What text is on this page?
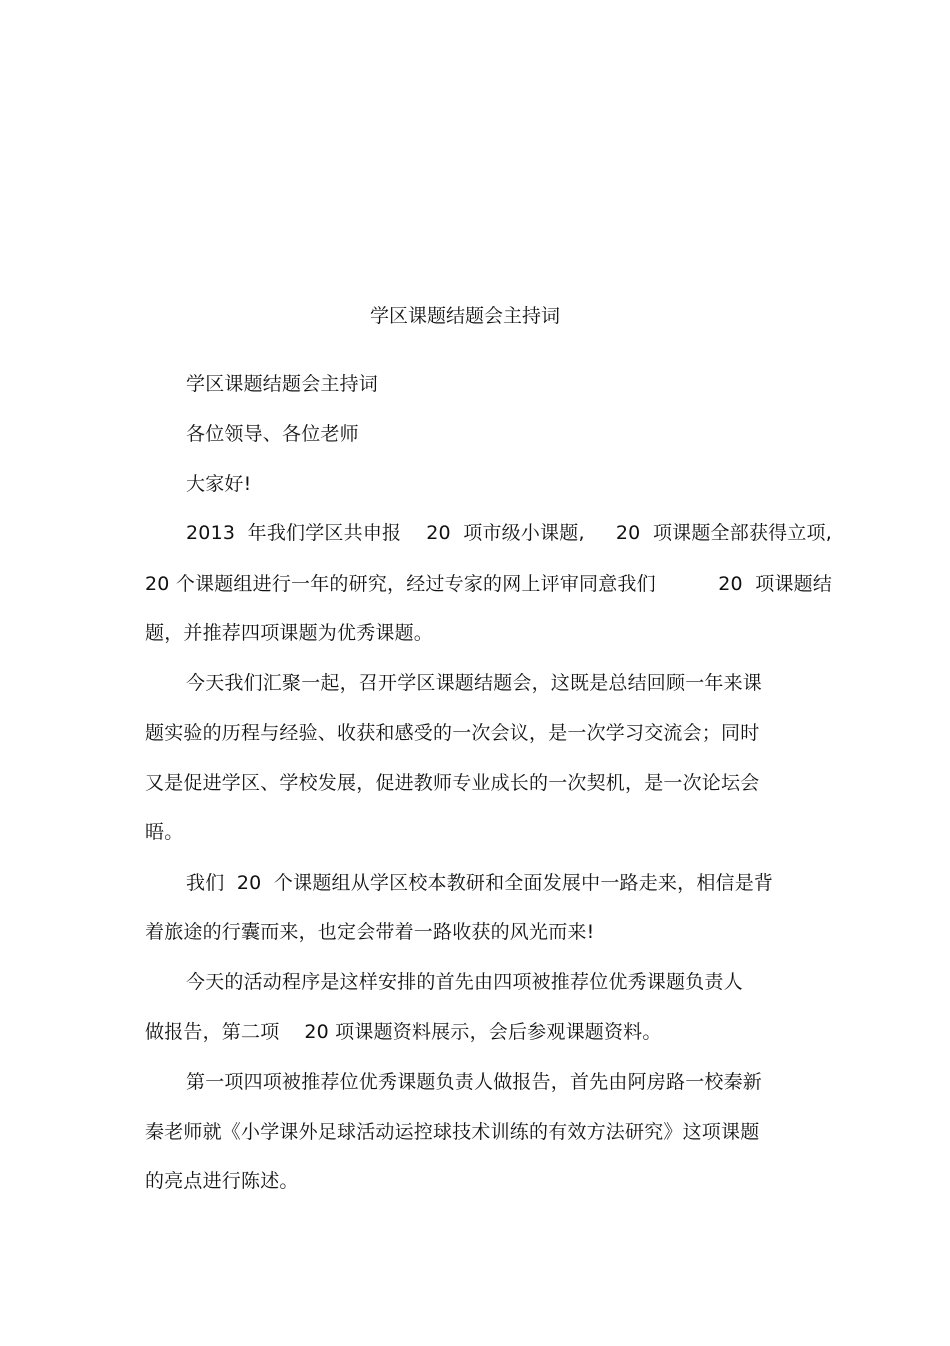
学区课题结题会主持词
学区课题结题会主持词
各位领导、各位老师
大家好!
2013  年我们学区共申报    20  项市级小课题,     20  项课题全部获得立项,
20 个课题组进行一年的研究，经过专家的网上评审同意我们          20  项课题结
题，并推荐四项课题为优秀课题。
今天我们汇聚一起，召开学区课题结题会，这既是总结回顾一年来课
题实验的历程与经验、收获和感受的一次会议，是一次学习交流会；同时
又是促进学区、学校发展，促进教师专业成长的一次契机，是一次论坛会
晤。
我们  20  个课题组从学区校本教研和全面发展中一路走来，相信是背
着旅途的行囊而来，也定会带着一路收获的风光而来!
今天的活动程序是这样安排的首先由四项被推荐位优秀课题负责人
做报告，第二项    20 项课题资料展示，会后参观课题资料。
第一项四项被推荐位优秀课题负责人做报告，首先由阿房路一校秦新
秦老师就《小学课外足球活动运控球技术训练的有效方法研究》这项课题
的亮点进行陈述。
